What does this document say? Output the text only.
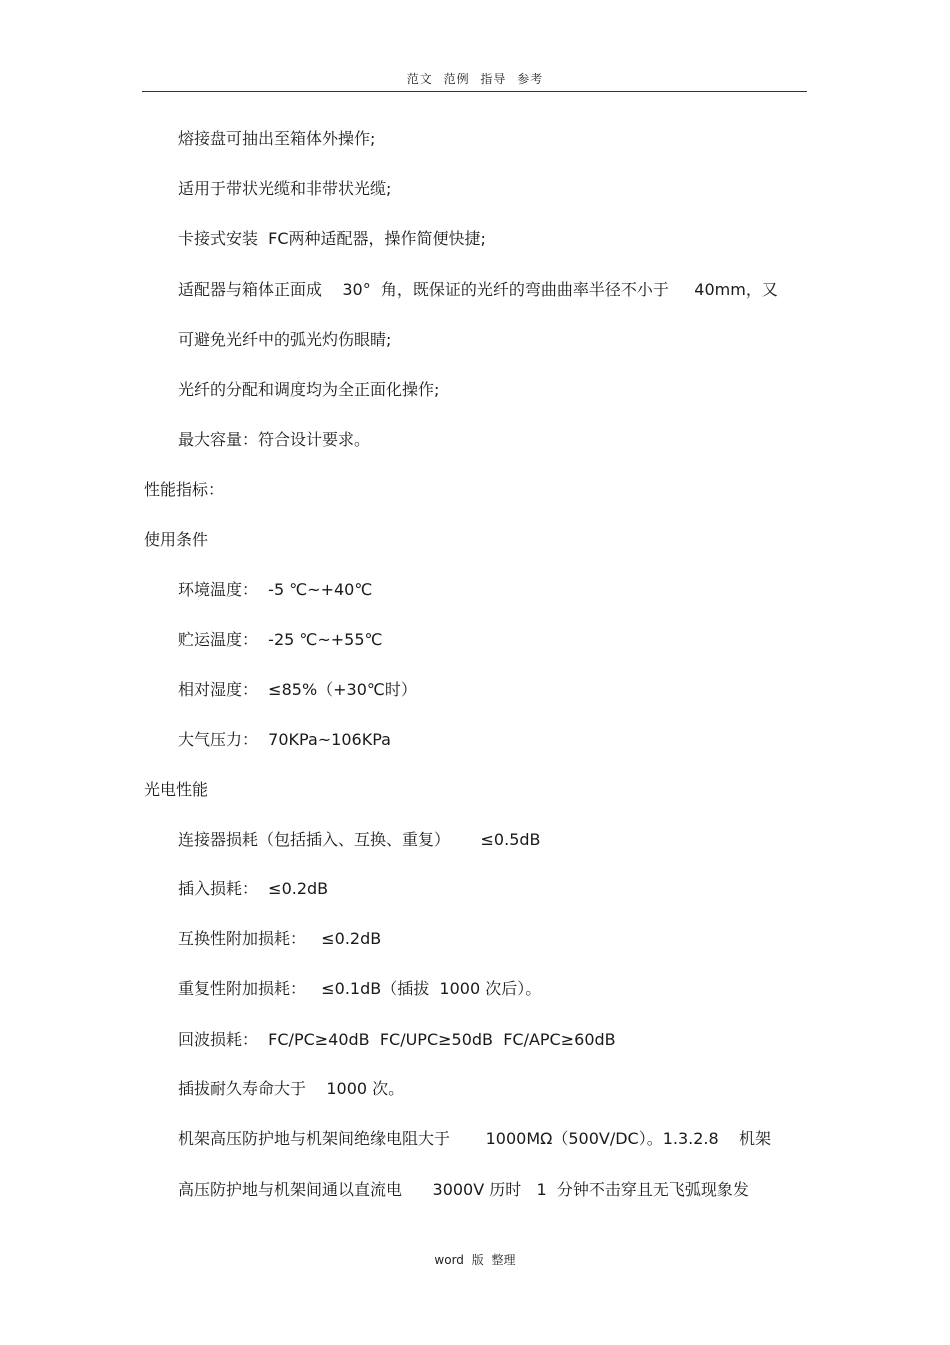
范文 范例 指导 参考
熔接盘可抽出至箱体外操作;
适用于带状光缆和非带状光缆;
卡接式安装  FC两种适配器，操作简便快捷;
适配器与箱体正面成    30°  角，既保证的光纤的弯曲曲率半径不小于     40mm，又
可避免光纤中的弧光灼伤眼睛;
光纤的分配和调度均为全正面化操作;
最大容量：符合设计要求。
性能指标：
使用条件
环境温度：  -5 ℃~+40℃
贮运温度：  -25 ℃~+55℃
相对湿度：  ≤85%（+30℃时）
大气压力：  70KPa~106KPa
光电性能
连接器损耗（包括插入、互换、重复）      ≤0.5dB
插入损耗：  ≤0.2dB
互换性附加损耗：   ≤0.2dB
重复性附加损耗：   ≤0.1dB（插拔  1000 次后）。
回波损耗：  FC/PC≥40dB  FC/UPC≥50dB  FC/APC≥60dB
插拔耐久寿命大于    1000 次。
机架高压防护地与机架间绝缘电阻大于       1000MΩ（500V/DC）。1.3.2.8    机架
高压防护地与机架间通以直流电      3000V 历时   1  分钟不击穿且无飞弧现象发
word 版 整理
